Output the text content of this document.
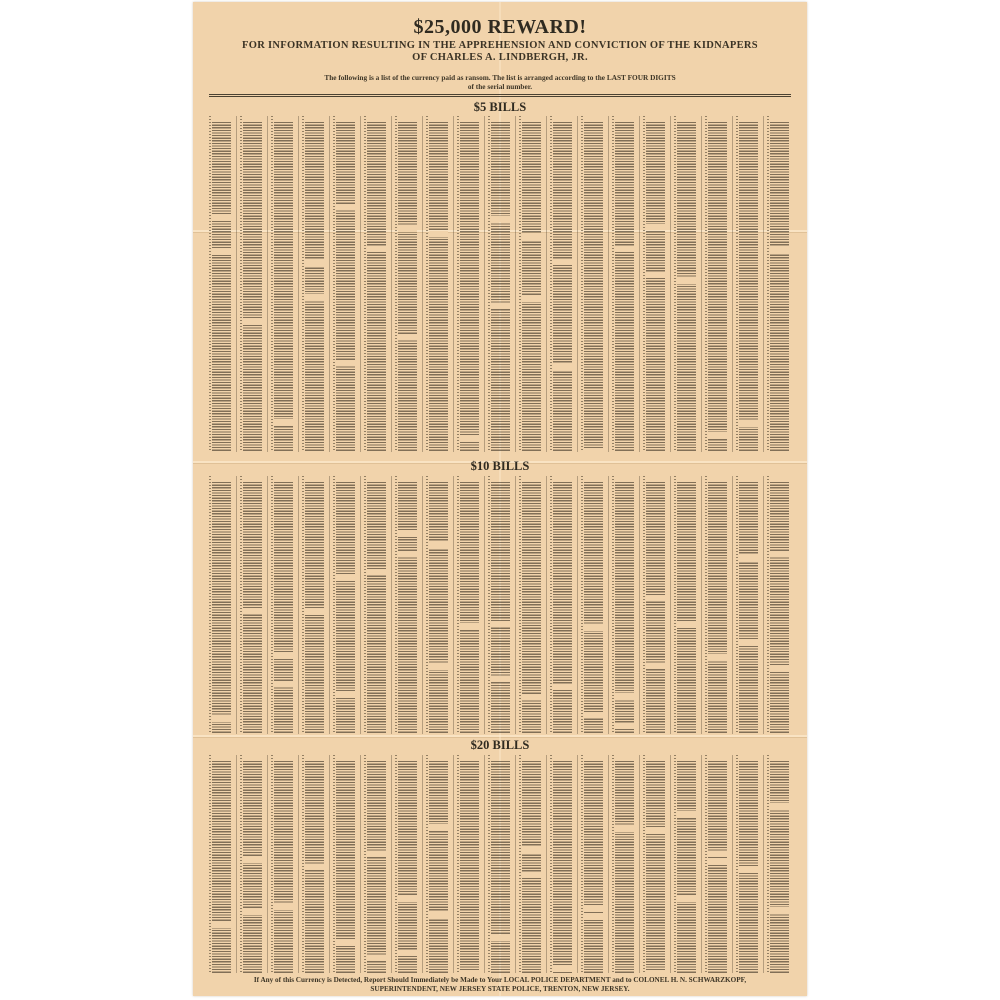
$25,000 REWARD!
FOR INFORMATION RESULTING IN THE APPREHENSION AND CONVICTION OF THE KIDNAPERS
OF CHARLES A. LINDBERGH, JR.
The following is a list of the currency paid as ransom. The list is arranged according to the LAST FOUR DIGITS
of the serial number.
$5 BILLS
$10 BILLS
$20 BILLS
If Any of this Currency is Detected, Report Should Immediately be Made to Your LOCAL POLICE DEPARTMENT and to COLONEL H. N. SCHWARZKOPF,
SUPERINTENDENT, NEW JERSEY STATE POLICE, TRENTON, NEW JERSEY.
